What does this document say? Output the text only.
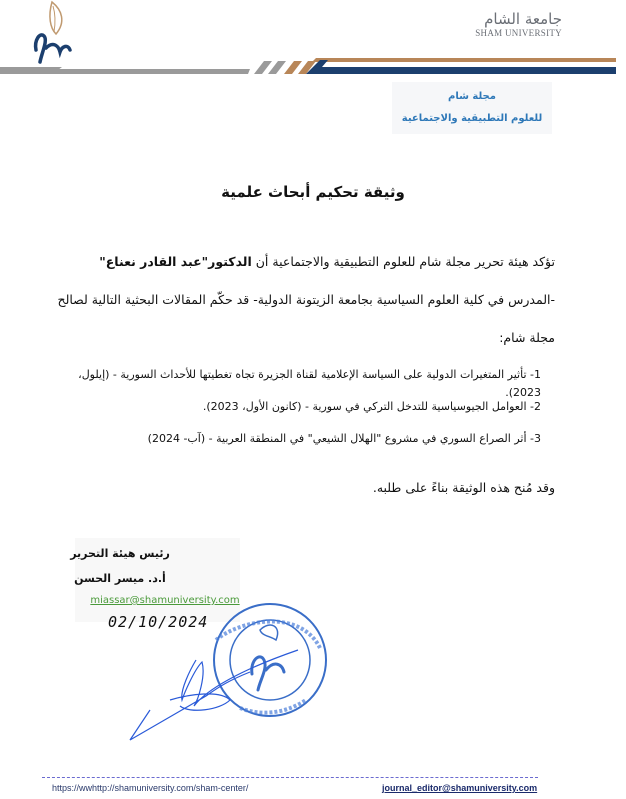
جامعة الشام
SHAM UNIVERSITY
مجلة شام
للعلوم التطبيقية والاجتماعية
وثيقة تحكيم أبحاث علمية
تؤكد هيئة تحرير مجلة شام للعلوم التطبيقية والاجتماعية أن الدكتور"عبد القادر نعناع"
-المدرس في كلية العلوم السياسية بجامعة الزيتونة الدولية- قد حكّم المقالات البحثية التالية لصالح
مجلة شام:
1- تأثير المتغيرات الدولية على السياسة الإعلامية لقناة الجزيرة تجاه تغطيتها للأحداث السورية - (إيلول، 2023).
2- العوامل الجيوسياسية للتدخل التركي في سورية - (كانون الأول، 2023).
3- أثر الصراع السوري في مشروع "الهلال الشيعي" في المنطقة العربية - (آب- 2024)
وقد مُنح هذه الوثيقة بناءً على طلبه.
رئيس هيئة التحرير
أ.د. ميسر الحسن
miassar@shamuniversity.com
02/10/2024
https://wwhttp://shamuniversity.com/sham-center/	journal_editor@shamuniversity.com
